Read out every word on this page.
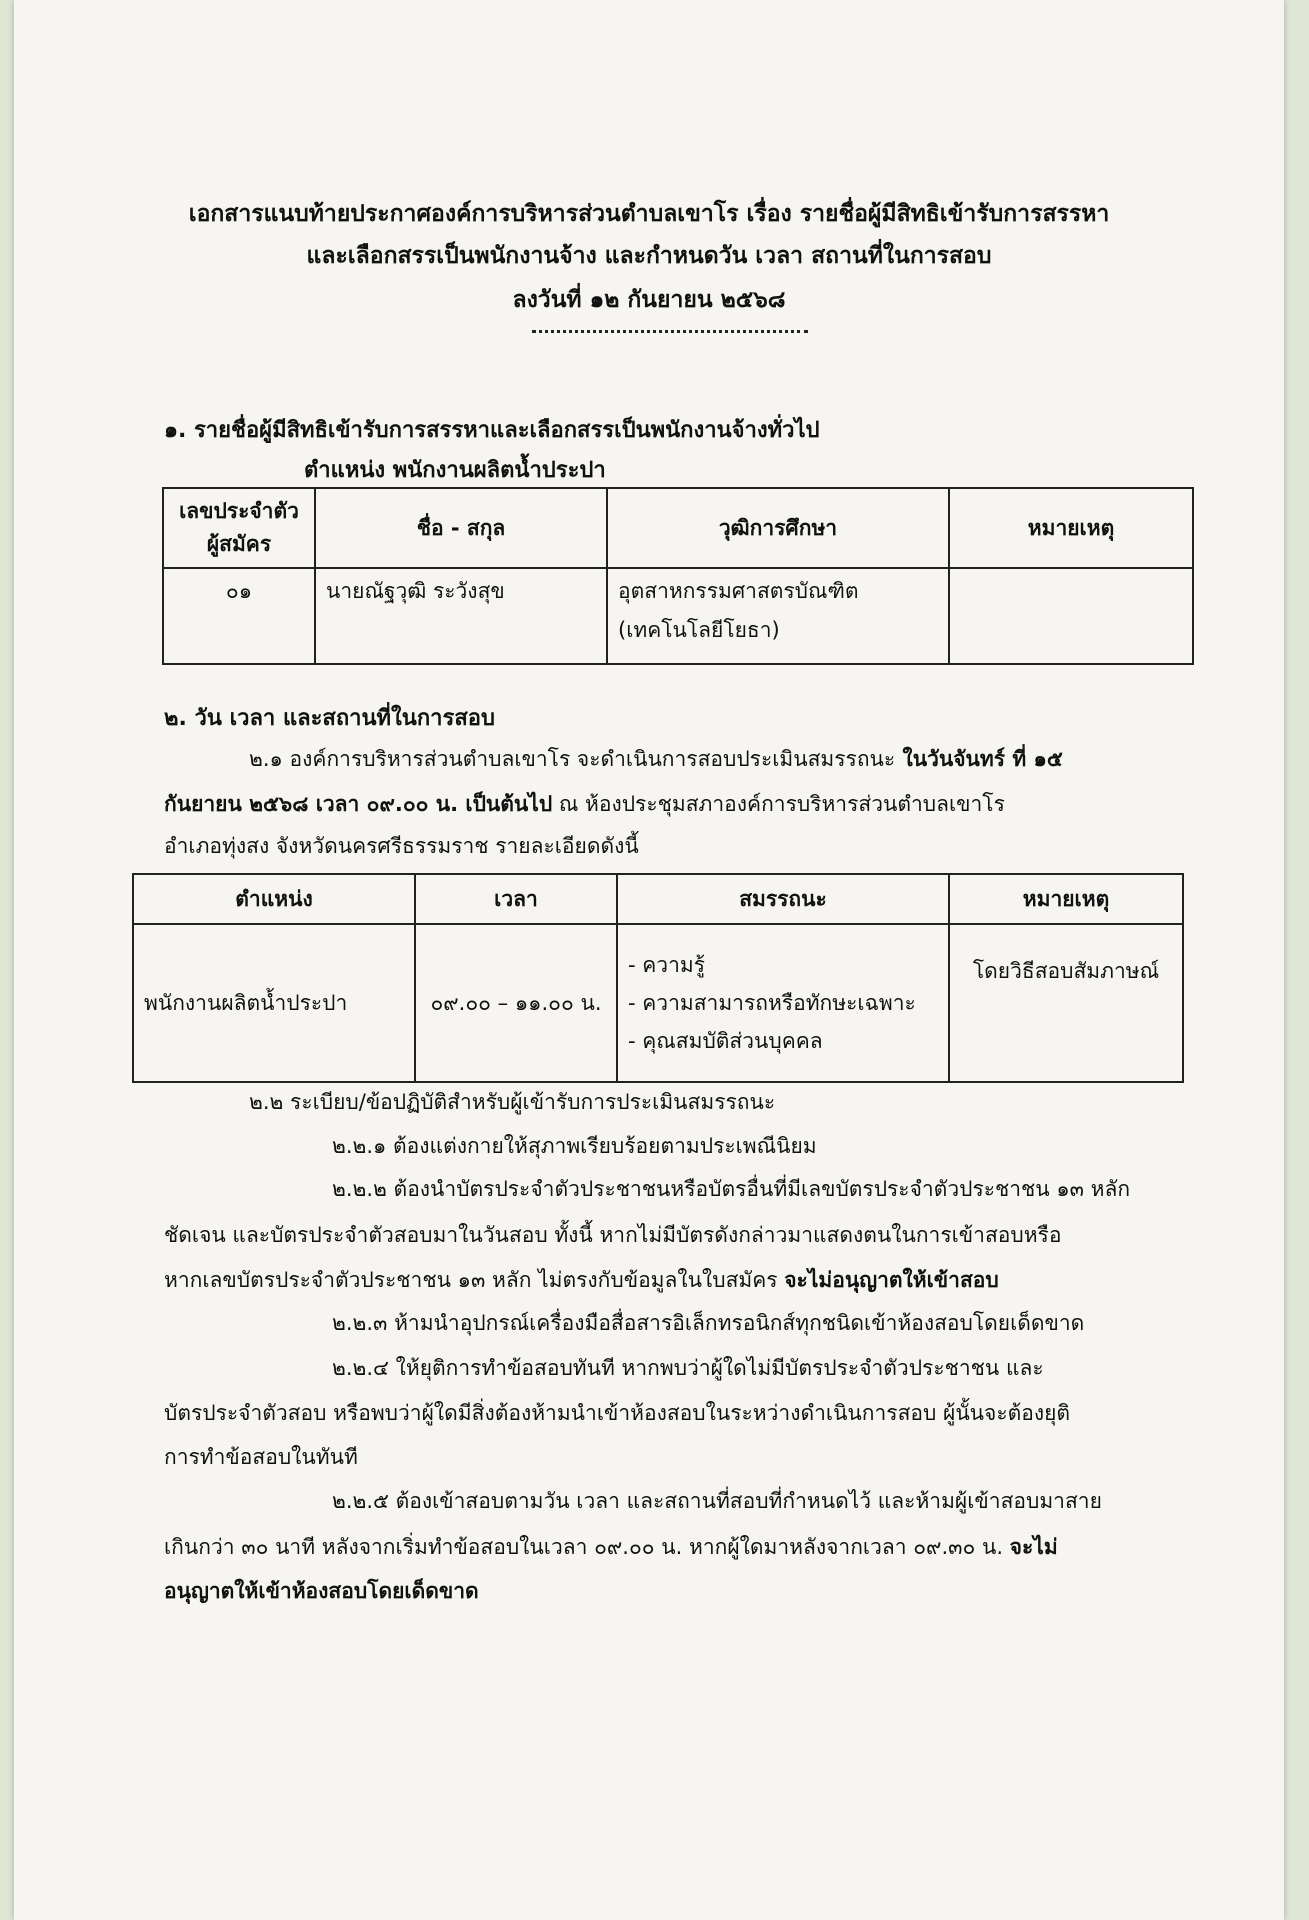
เอกสารแนบท้ายประกาศองค์การบริหารส่วนตำบลเขาโร เรื่อง รายชื่อผู้มีสิทธิเข้ารับการสรรหา
และเลือกสรรเป็นพนักงานจ้าง และกำหนดวัน เวลา สถานที่ในการสอบ
ลงวันที่ ๑๒ กันยายน ๒๕๖๘
๑. รายชื่อผู้มีสิทธิเข้ารับการสรรหาและเลือกสรรเป็นพนักงานจ้างทั่วไป
ตำแหน่ง พนักงานผลิตน้ำประปา
เลขประจำตัว ผู้สมัคร	ชื่อ - สกุล	วุฒิการศึกษา	หมายเหตุ
๐๑	นายณัฐวุฒิ ระวังสุข	อุตสาหกรรมศาสตรบัณฑิต
(เทคโนโลยีโยธา)	

๒. วัน เวลา และสถานที่ในการสอบ
๒.๑ องค์การบริหารส่วนตำบลเขาโร จะดำเนินการสอบประเมินสมรรถนะ ในวันจันทร์ ที่ ๑๕
กันยายน ๒๕๖๘ เวลา ๐๙.๐๐ น. เป็นต้นไป ณ ห้องประชุมสภาองค์การบริหารส่วนตำบลเขาโร
อำเภอทุ่งสง จังหวัดนครศรีธรรมราช รายละเอียดดังนี้
ตำแหน่ง	เวลา	สมรรถนะ	หมายเหตุ
พนักงานผลิตน้ำประปา	๐๙.๐๐ – ๑๑.๐๐ น.	- ความรู้
- ความสามารถหรือทักษะเฉพาะ
- คุณสมบัติส่วนบุคคล	โดยวิธีสอบสัมภาษณ์
๒.๒ ระเบียบ/ข้อปฏิบัติสำหรับผู้เข้ารับการประเมินสมรรถนะ
๒.๒.๑ ต้องแต่งกายให้สุภาพเรียบร้อยตามประเพณีนิยม
๒.๒.๒ ต้องนำบัตรประจำตัวประชาชนหรือบัตรอื่นที่มีเลขบัตรประจำตัวประชาชน ๑๓ หลัก
ชัดเจน และบัตรประจำตัวสอบมาในวันสอบ ทั้งนี้ หากไม่มีบัตรดังกล่าวมาแสดงตนในการเข้าสอบหรือ
หากเลขบัตรประจำตัวประชาชน ๑๓ หลัก ไม่ตรงกับข้อมูลในใบสมัคร จะไม่อนุญาตให้เข้าสอบ
๒.๒.๓ ห้ามนำอุปกรณ์เครื่องมือสื่อสารอิเล็กทรอนิกส์ทุกชนิดเข้าห้องสอบโดยเด็ดขาด
๒.๒.๔ ให้ยุติการทำข้อสอบทันที หากพบว่าผู้ใดไม่มีบัตรประจำตัวประชาชน และ
บัตรประจำตัวสอบ หรือพบว่าผู้ใดมีสิ่งต้องห้ามนำเข้าห้องสอบในระหว่างดำเนินการสอบ ผู้นั้นจะต้องยุติ
การทำข้อสอบในทันที
๒.๒.๕ ต้องเข้าสอบตามวัน เวลา และสถานที่สอบที่กำหนดไว้ และห้ามผู้เข้าสอบมาสาย
เกินกว่า ๓๐ นาที หลังจากเริ่มทำข้อสอบในเวลา ๐๙.๐๐ น. หากผู้ใดมาหลังจากเวลา ๐๙.๓๐ น. จะไม่
อนุญาตให้เข้าห้องสอบโดยเด็ดขาด
